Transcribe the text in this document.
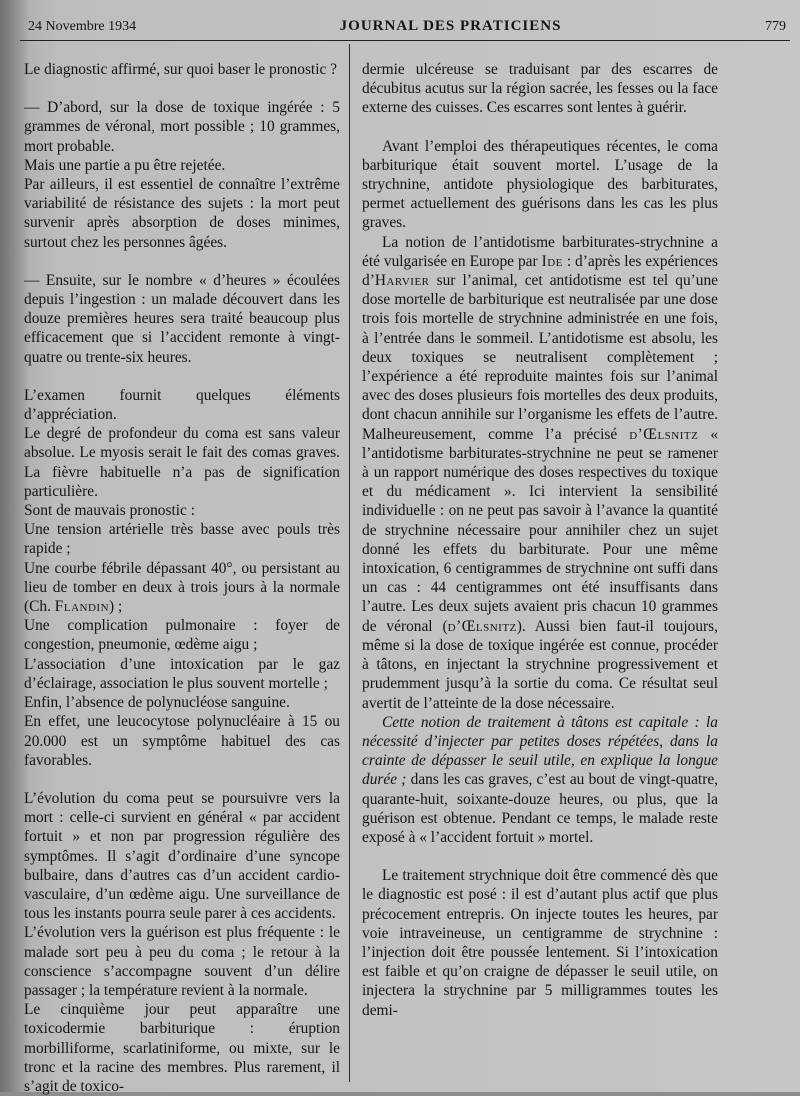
24 Novembre 1934	JOURNAL DES PRATICIENS	779

Le diagnostic affirmé, sur quoi baser le pronostic ?

— D’abord, sur la dose de toxique ingérée : 5 grammes de véronal, mort possible ; 10 grammes, mort probable.

Mais une partie a pu être rejetée.

Par ailleurs, il est essentiel de connaître l’extrême variabilité de résistance des sujets : la mort peut survenir après absorption de doses minimes, surtout chez les personnes âgées.

— Ensuite, sur le nombre « d’heures » écoulées depuis l’ingestion : un malade découvert dans les douze premières heures sera traité beaucoup plus efficacement que si l’accident remonte à vingt-quatre ou trente-six heures.

L’examen fournit quelques éléments d’appréciation.

Le degré de profondeur du coma est sans valeur absolue. Le myosis serait le fait des comas graves. La fièvre habituelle n’a pas de signification particulière.

Sont de mauvais pronostic :

Une tension artérielle très basse avec pouls très rapide ;

Une courbe fébrile dépassant 40°, ou persistant au lieu de tomber en deux à trois jours à la normale (Ch. Flandin) ;

Une complication pulmonaire : foyer de congestion, pneumonie, œdème aigu ;

L’association d’une intoxication par le gaz d’éclairage, association le plus souvent mortelle ;

Enfin, l’absence de polynucléose sanguine.

En effet, une leucocytose polynucléaire à 15 ou 20.000 est un symptôme habituel des cas favorables.

L’évolution du coma peut se poursuivre vers la mort : celle-ci survient en général « par accident fortuit » et non par progression régulière des symptômes. Il s’agit d’ordinaire d’une syncope bulbaire, dans d’autres cas d’un accident cardio-vasculaire, d’un œdème aigu. Une surveillance de tous les instants pourra seule parer à ces accidents.

L’évolution vers la guérison est plus fréquente : le malade sort peu à peu du coma ; le retour à la conscience s’accompagne souvent d’un délire passager ; la température revient à la normale.

Le cinquième jour peut apparaître une toxicodermie barbiturique : éruption morbilliforme, scarlatiniforme, ou mixte, sur le tronc et la racine des membres. Plus rarement, il s’agit de toxico-

dermie ulcéreuse se traduisant par des escarres de décubitus acutus sur la région sacrée, les fesses ou la face externe des cuisses. Ces escarres sont lentes à guérir.

Avant l’emploi des thérapeutiques récentes, le coma barbiturique était souvent mortel. L’usage de la strychnine, antidote physiologique des barbiturates, permet actuellement des guérisons dans les cas les plus graves.

La notion de l’antidotisme barbiturates-strychnine a été vulgarisée en Europe par Ide : d’après les expériences d’Harvier sur l’animal, cet antidotisme est tel qu’une dose mortelle de barbiturique est neutralisée par une dose trois fois mortelle de strychnine administrée en une fois, à l’entrée dans le sommeil. L’antidotisme est absolu, les deux toxiques se neutralisent complètement ; l’expérience a été reproduite maintes fois sur l’animal avec des doses plusieurs fois mortelles des deux produits, dont chacun annihile sur l’organisme les effets de l’autre. Malheureusement, comme l’a précisé d’Œlsnitz « l’antidotisme barbiturates-strychnine ne peut se ramener à un rapport numérique des doses respectives du toxique et du médicament ». Ici intervient la sensibilité individuelle : on ne peut pas savoir à l’avance la quantité de strychnine nécessaire pour annihiler chez un sujet donné les effets du barbiturate. Pour une même intoxication, 6 centigrammes de strychnine ont suffi dans un cas : 44 centigrammes ont été insuffisants dans l’autre. Les deux sujets avaient pris chacun 10 grammes de véronal (d’Œlsnitz). Aussi bien faut-il toujours, même si la dose de toxique ingérée est connue, procéder à tâtons, en injectant la strychnine progressivement et prudemment jusqu’à la sortie du coma. Ce résultat seul avertit de l’atteinte de la dose nécessaire.

Cette notion de traitement à tâtons est capitale : la nécessité d’injecter par petites doses répétées, dans la crainte de dépasser le seuil utile, en explique la longue durée ; dans les cas graves, c’est au bout de vingt-quatre, quarante-huit, soixante-douze heures, ou plus, que la guérison est obtenue. Pendant ce temps, le malade reste exposé à « l’accident fortuit » mortel.

Le traitement strychnique doit être commencé dès que le diagnostic est posé : il est d’autant plus actif que plus précocement entrepris. On injecte toutes les heures, par voie intraveineuse, un centigramme de strychnine : l’injection doit être poussée lentement. Si l’intoxication est faible et qu’on craigne de dépasser le seuil utile, on injectera la strychnine par 5 milligrammes toutes les demi-
